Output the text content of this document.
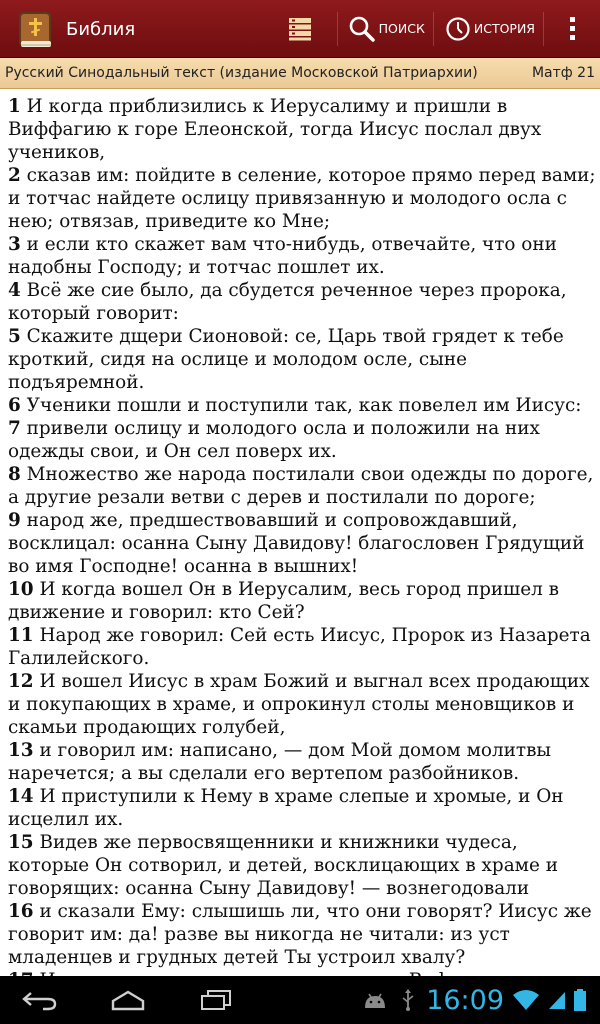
Библия	ПОИСК	ИСТОРИЯ
Русский Синодальный текст (издание Московской Патриархии)	Матф 21
1 И когда приблизились к Иерусалиму и пришли в Виффагию к горе Елеонской, тогда Иисус послал двух учеников,
2 сказав им: пойдите в селение, которое прямо перед вами; и тотчас найдете ослицу привязанную и молодого осла с нею; отвязав, приведите ко Мне;
3 и если кто скажет вам что-нибудь, отвечайте, что они надобны Господу; и тотчас пошлет их.
4 Всё же сие было, да сбудется реченное через пророка, который говорит:
5 Скажите дщери Сионовой: се, Царь твой грядет к тебе кроткий, сидя на ослице и молодом осле, сыне подъяремной.
6 Ученики пошли и поступили так, как повелел им Иисус:
7 привели ослицу и молодого осла и положили на них одежды свои, и Он сел поверх их.
8 Множество же народа постилали свои одежды по дороге, а другие резали ветви с дерев и постилали по дороге;
9 народ же, предшествовавший и сопровождавший, восклицал: осанна Сыну Давидову! благословен Грядущий во имя Господне! осанна в вышних!
10 И когда вошел Он в Иерусалим, весь город пришел в движение и говорил: кто Сей?
11 Народ же говорил: Сей есть Иисус, Пророк из Назарета Галилейского.
12 И вошел Иисус в храм Божий и выгнал всех продающих и покупающих в храме, и опрокинул столы меновщиков и скамьи продающих голубей,
13 и говорил им: написано, — дом Мой домом молитвы наречется; а вы сделали его вертепом разбойников.
14 И приступили к Нему в храме слепые и хромые, и Он исцелил их.
15 Видев же первосвященники и книжники чудеса, которые Он сотворил, и детей, восклицающих в храме и говорящих: осанна Сыну Давидову! — вознегодовали
16 и сказали Ему: слышишь ли, что они говорят? Иисус же говорит им: да! разве вы никогда не читали: из уст младенцев и грудных детей Ты устроил хвалу?

16:09
